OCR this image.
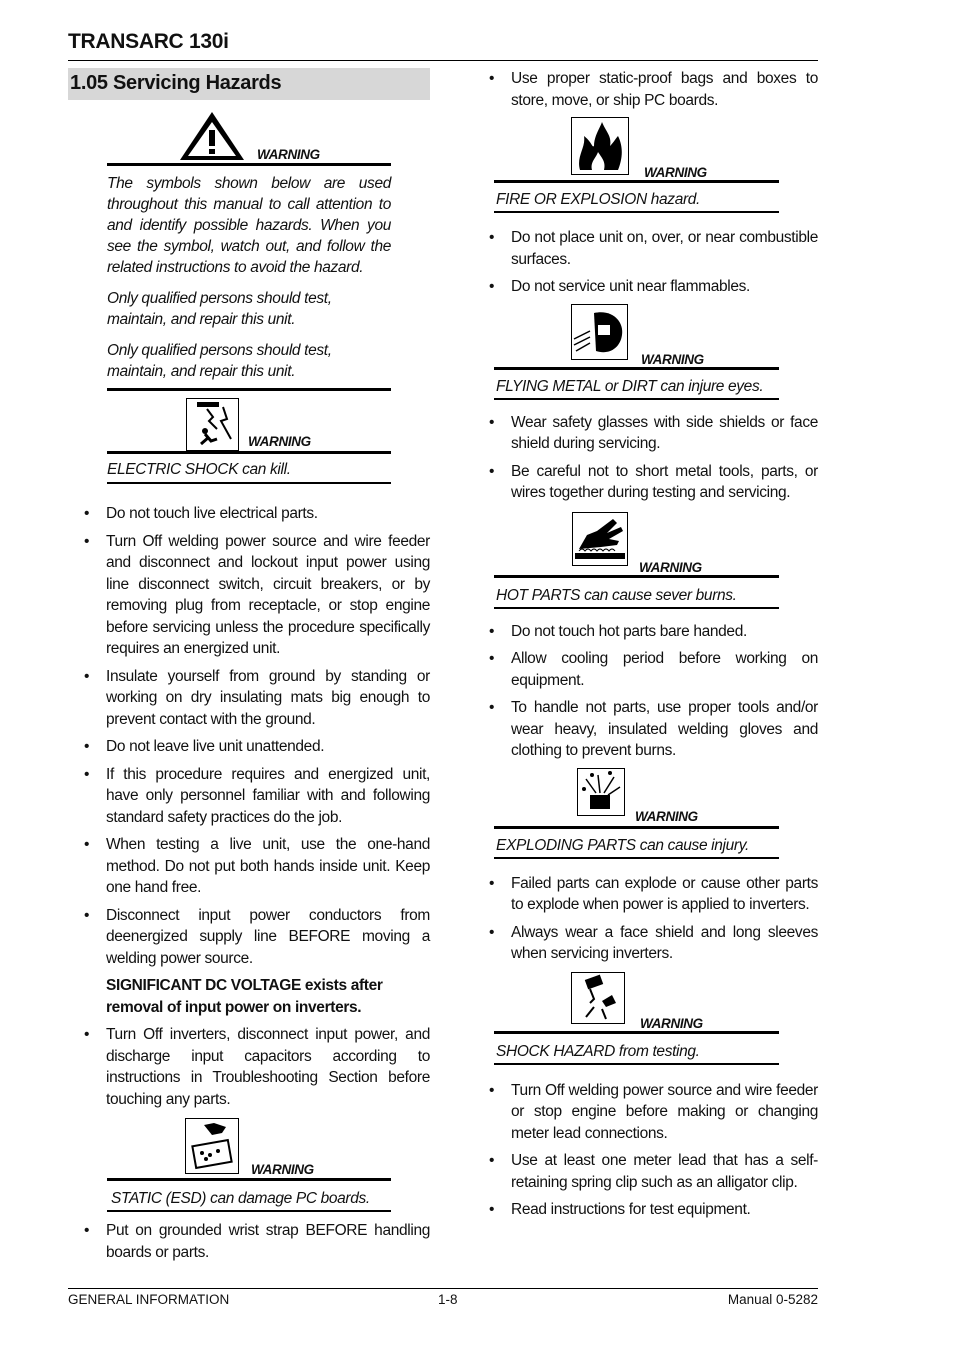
TRANSARC 130i
1.05 Servicing Hazards
WARNING
The symbols shown below are used throughout this manual to call attention to and identify possible hazards. When you see the symbol, watch out, and follow the related instructions to avoid the hazard.
Only qualified persons should test, maintain, and repair this unit.
Only qualified persons should test, maintain, and repair this unit.
WARNING
ELECTRIC SHOCK can kill.
• Do not touch live electrical parts.
• Turn Off welding power source and wire feeder and disconnect and lockout input power using line disconnect switch, circuit breakers, or by removing plug from receptacle, or stop engine before servicing unless the procedure specifically requires an energized unit.
• Insulate yourself from ground by standing or working on dry insulating mats big enough to prevent contact with the ground.
• Do not leave live unit unattended.
• If this procedure requires and energized unit, have only personnel familiar with and following standard safety practices do the job.
• When testing a live unit, use the one-hand method. Do not put both hands inside unit. Keep one hand free.
• Disconnect input power conductors from deenergized supply line BEFORE moving a welding power source.

SIGNIFICANT DC VOLTAGE exists after removal of input power on inverters.

• Turn Off inverters, disconnect input power, and discharge input capacitors according to instructions in Troubleshooting Section before touching any parts.
WARNING
STATIC (ESD) can damage PC boards.
• Put on grounded wrist strap BEFORE handling boards or parts.
• Use proper static-proof bags and boxes to store, move, or ship PC boards.
WARNING
FIRE OR EXPLOSION hazard.
• Do not place unit on, over, or near combustible surfaces.
• Do not service unit near flammables.
WARNING
FLYING METAL or DIRT can injure eyes.
• Wear safety glasses with side shields or face shield during servicing.
• Be careful not to short metal tools, parts, or wires together during testing and servicing.
WARNING
HOT PARTS can cause sever burns.
• Do not touch hot parts bare handed.
• Allow cooling period before working on equipment.
• To handle not parts, use proper tools and/or wear heavy, insulated welding gloves and clothing to prevent burns.
WARNING
EXPLODING PARTS can cause injury.
• Failed parts can explode or cause other parts to explode when power is applied to inverters.
• Always wear a face shield and long sleeves when servicing inverters.
WARNING
SHOCK HAZARD from testing.
• Turn Off welding power source and wire feeder or stop engine before making or changing meter lead connections.
• Use at least one meter lead that has a self-retaining spring clip such as an alligator clip.
• Read instructions for test equipment.
GENERAL INFORMATION	1-8	Manual 0-5282
